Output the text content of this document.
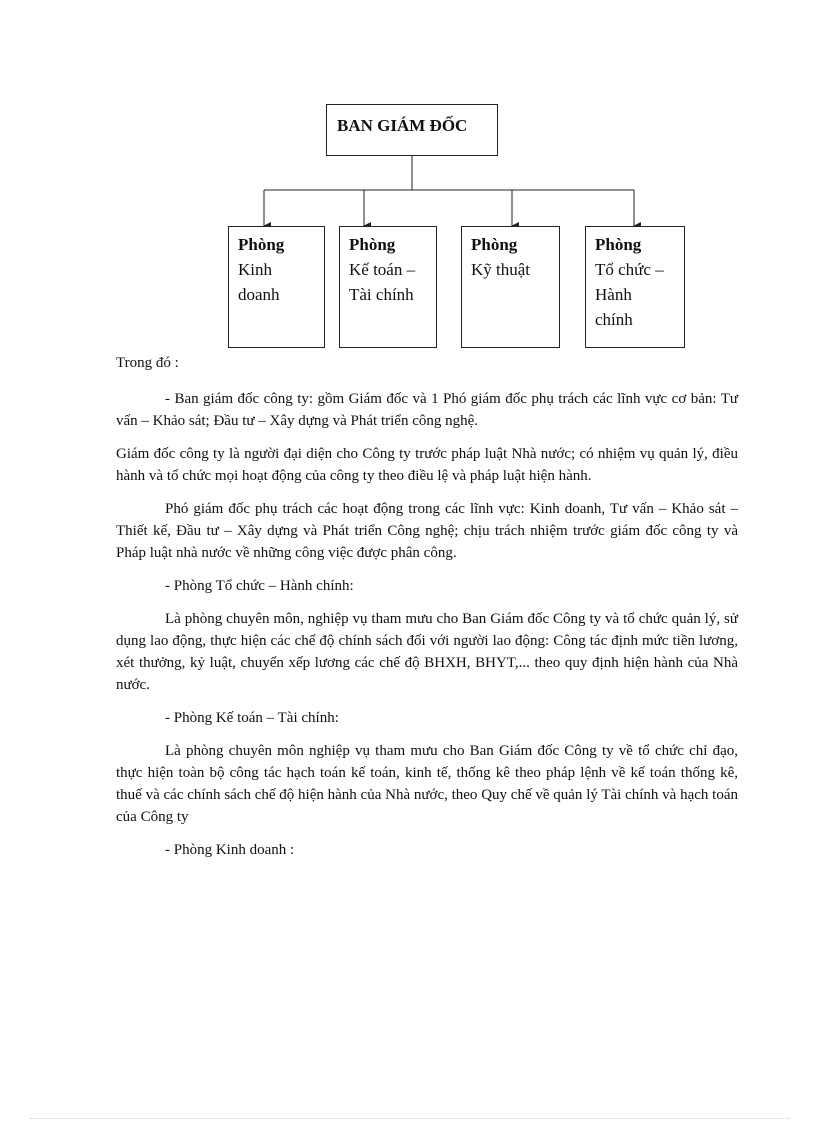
BAN GIÁM ĐỐC
Phòng
Kinh
doanh
Phòng
Kế toán –
Tài chính
Phòng
Kỹ thuật
Phòng
Tổ chức –
Hành
chính

Trong đó :

- Ban giám đốc công ty: gồm Giám đốc và 1 Phó giám đốc phụ trách các lĩnh vực cơ bản: Tư vấn – Khảo sát; Đầu tư – Xây dựng và Phát triển công nghệ.

Giám đốc công ty là người đại diện cho Công ty trước pháp luật Nhà nước; có nhiệm vụ quản lý, điều hành và tổ chức mọi hoạt động của công ty theo điều lệ và pháp luật hiện hành.

Phó giám đốc phụ trách các hoạt động trong các lĩnh vực: Kinh doanh, Tư vấn – Khảo sát – Thiết kế, Đầu tư – Xây dựng và Phát triển Công nghệ; chịu trách nhiệm trước giám đốc công ty và Pháp luật nhà nước về những công việc được phân công.

- Phòng Tổ chức – Hành chính:

Là phòng chuyên môn, nghiệp vụ tham mưu cho Ban Giám đốc Công ty và tổ chức quản lý, sử dụng lao động, thực hiện các chế độ chính sách đối với người lao động: Công tác định mức tiền lương, xét thưởng, kỷ luật, chuyển xếp lương các chế độ BHXH, BHYT,... theo quy định hiện hành của Nhà nước.

- Phòng Kế toán – Tài chính:

Là phòng chuyên môn nghiệp vụ tham mưu cho Ban Giám đốc Công ty về tổ chức chỉ đạo, thực hiện toàn bộ công tác hạch toán kế toán, kinh tế, thống kê theo pháp lệnh về kế toán thống kê, thuế và các chính sách chế độ hiện hành của Nhà nước, theo Quy chế về quản lý Tài chính và hạch toán của Công ty

- Phòng Kinh doanh :
